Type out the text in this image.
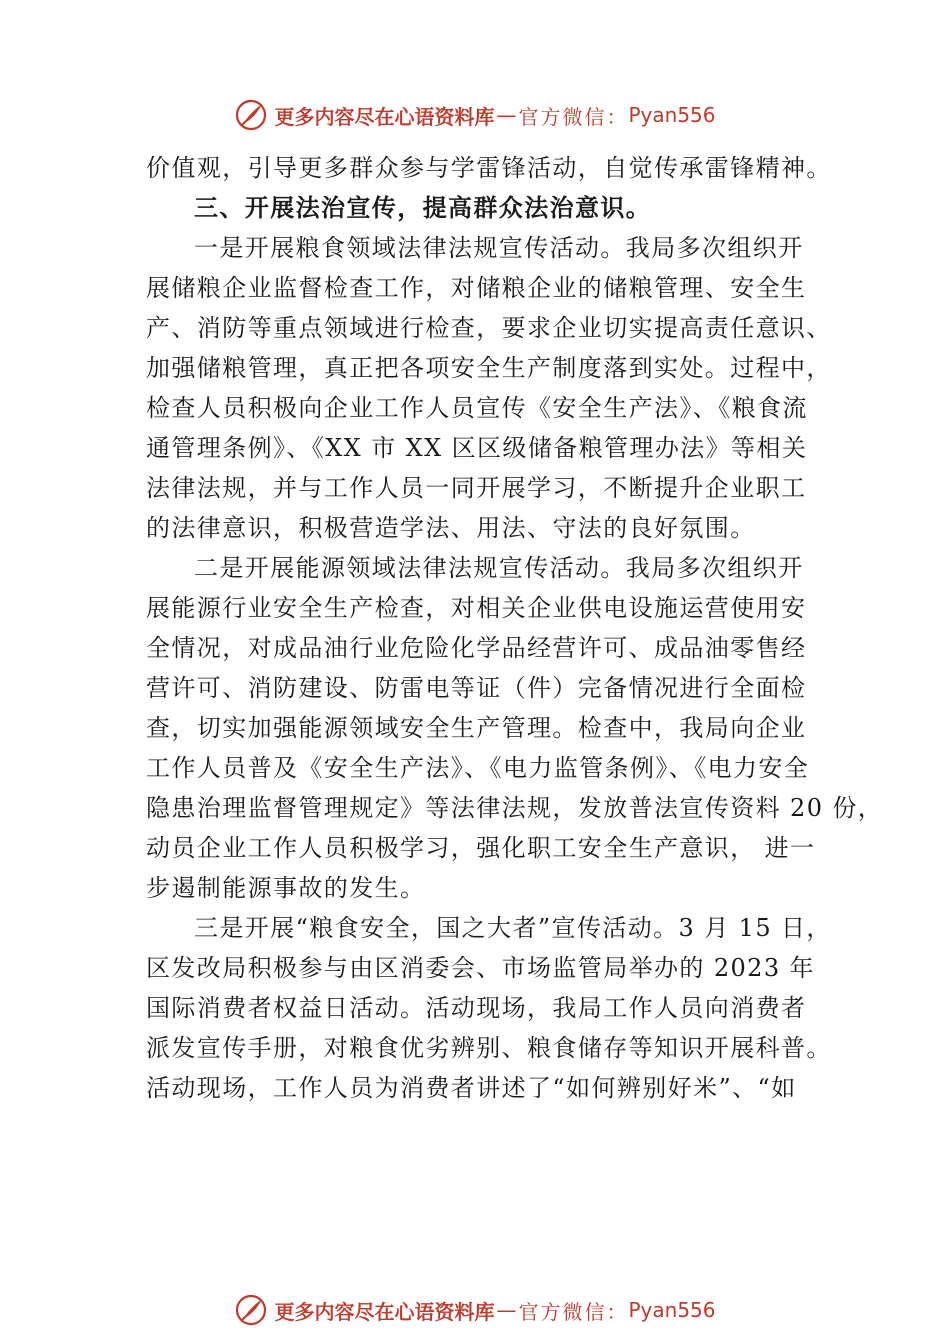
更多内容尽在心语资料库 — 官方微信： Pyan556
价值观，引导更多群众参与学雷锋活动，自觉传承雷锋精神。
三、开展法治宣传，提高群众法治意识。
一是开展粮食领域法律法规宣传活动。我局多次组织开
展储粮企业监督检查工作，对储粮企业的储粮管理、安全生
产、消防等重点领域进行检查，要求企业切实提高责任意识、
加强储粮管理，真正把各项安全生产制度落到实处。过程中，
检查人员积极向企业工作人员宣传《安全生产法》、《粮食流
通管理条例》、《XX 市 XX 区区级储备粮管理办法》等相关
法律法规，并与工作人员一同开展学习，不断提升企业职工
的法律意识，积极营造学法、用法、守法的良好氛围。
二是开展能源领域法律法规宣传活动。我局多次组织开
展能源行业安全生产检查，对相关企业供电设施运营使用安
全情况，对成品油行业危险化学品经营许可、成品油零售经
营许可、消防建设、防雷电等证（件）完备情况进行全面检
查，切实加强能源领域安全生产管理。检查中，我局向企业
工作人员普及《安全生产法》、《电力监管条例》、《电力安全
隐患治理监督管理规定》等法律法规，发放普法宣传资料 20 份，
动员企业工作人员积极学习，强化职工安全生产意识， 进一
步遏制能源事故的发生。
三是开展“粮食安全，国之大者”宣传活动。3 月 15 日，
区发改局积极参与由区消委会、市场监管局举办的 2023 年
国际消费者权益日活动。活动现场，我局工作人员向消费者
派发宣传手册，对粮食优劣辨别、粮食储存等知识开展科普。
活动现场，工作人员为消费者讲述了“如何辨别好米”、“如
更多内容尽在心语资料库 — 官方微信： Pyan556
